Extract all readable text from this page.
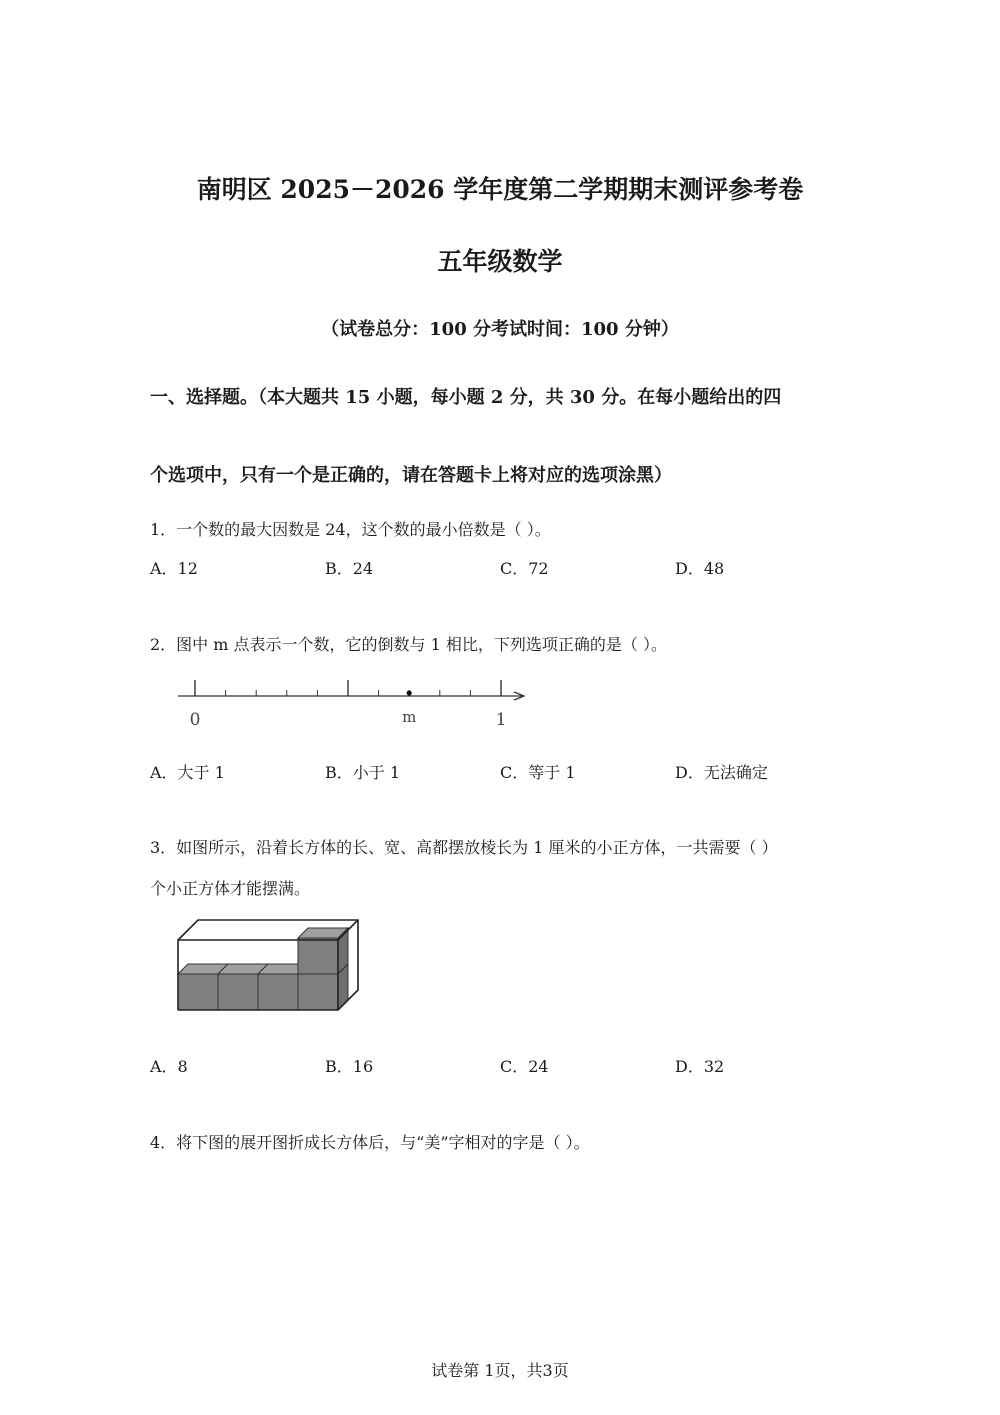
南明区 2025－2026 学年度第二学期期末测评参考卷
五年级数学
（试卷总分：100 分考试时间：100 分钟）
一、选择题。（本大题共 15 小题，每小题 2 分，共 30 分。在每小题给出的四
个选项中，只有一个是正确的，请在答题卡上将对应的选项涂黑）
1．一个数的最大因数是 24，这个数的最小倍数是（ ）。
A．12	B．24	C．72	D．48
2．图中 m 点表示一个数，它的倒数与 1 相比，下列选项正确的是（ ）。
0	m	1
A．大于 1	B．小于 1	C．等于 1	D．无法确定
3．如图所示，沿着长方体的长、宽、高都摆放棱长为 1 厘米的小正方体，一共需要（ ）
个小正方体才能摆满。
A．8	B．16	C．24	D．32
4．将下图的展开图折成长方体后，与“美”字相对的字是（ ）。
试卷第 1页，共3页
